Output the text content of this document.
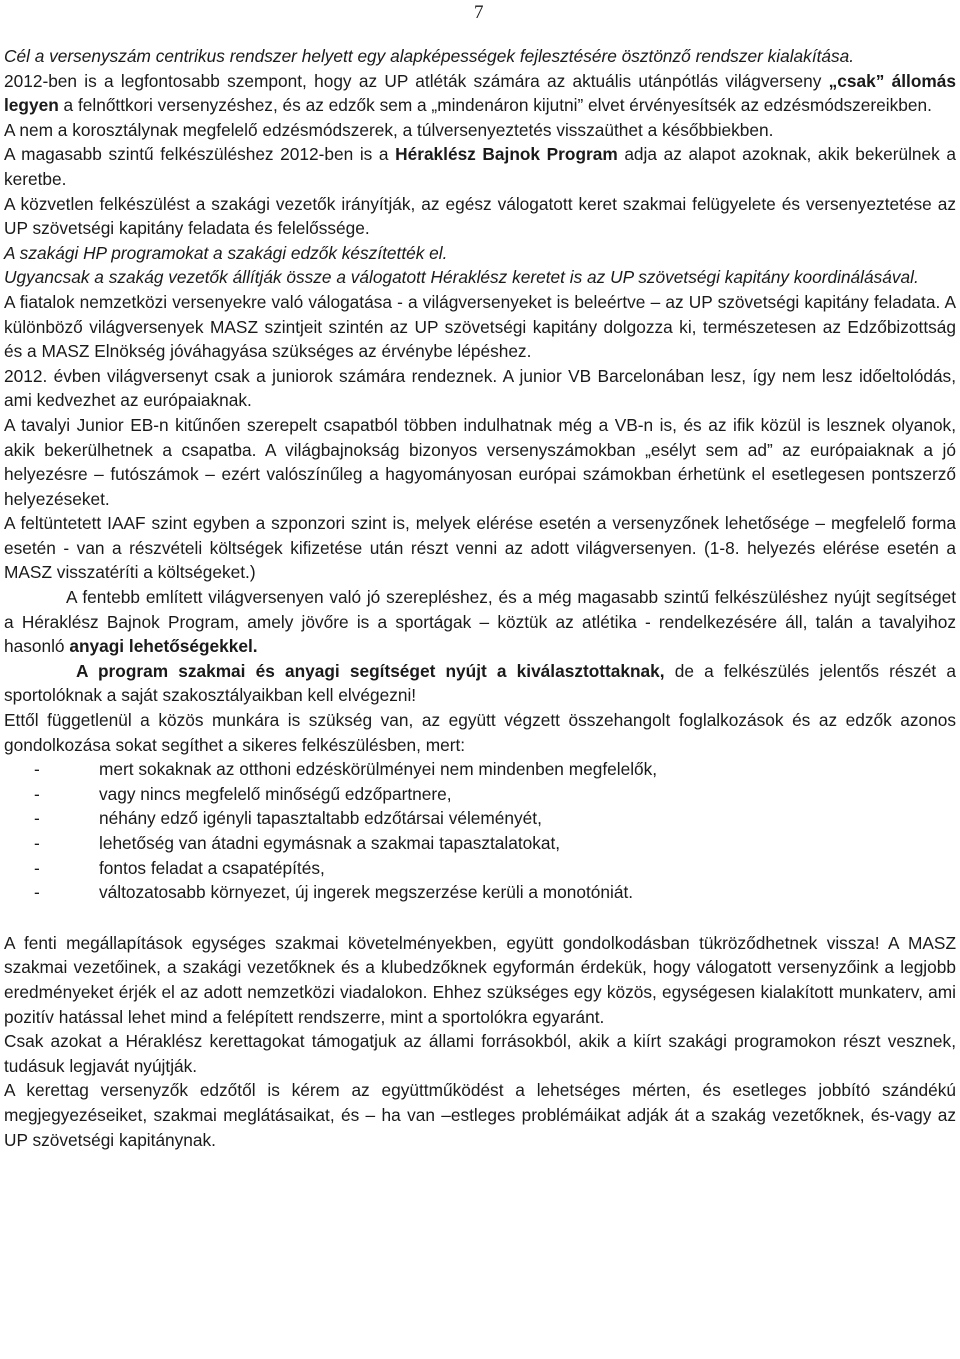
7

Cél a versenyszám centrikus rendszer helyett egy alapképességek fejlesztésére ösztönző rendszer kialakítása.

2012-ben is a legfontosabb szempont, hogy az UP atléták számára az aktuális utánpótlás világverseny „csak” állomás legyen a felnőttkori versenyzéshez, és az edzők sem a „mindenáron kijutni” elvet érvényesítsék az edzésmódszereikben.

A nem a korosztálynak megfelelő edzésmódszerek, a túlversenyeztetés visszaüthet a későbbiekben.

A magasabb szintű felkészüléshez 2012-ben is a Héraklész Bajnok Program adja az alapot azoknak, akik bekerülnek a keretbe.

A közvetlen felkészülést a szakági vezetők irányítják, az egész válogatott keret szakmai felügyelete és versenyeztetése az UP szövetségi kapitány feladata és felelőssége.

A szakági HP programokat a szakági edzők készítették el.

Ugyancsak a szakág vezetők állítják össze a válogatott Héraklész keretet is az UP szövetségi kapitány koordinálásával.

A fiatalok nemzetközi versenyekre való válogatása - a világversenyeket is beleértve – az UP szövetségi kapitány feladata. A különböző világversenyek MASZ szintjeit szintén az UP szövetségi kapitány dolgozza ki, természetesen az Edzőbizottság és a MASZ Elnökség jóváhagyása szükséges az érvénybe lépéshez.

2012. évben világversenyt csak a juniorok számára rendeznek. A junior VB Barcelonában lesz, így nem lesz időeltolódás, ami kedvezhet az európaiaknak.

A tavalyi Junior EB-n kitűnően szerepelt csapatból többen indulhatnak még a VB-n is, és az ifik közül is lesznek olyanok, akik bekerülhetnek a csapatba. A világbajnokság bizonyos versenyszámokban „esélyt sem ad” az európaiaknak a jó helyezésre – futószámok – ezért valószínűleg a hagyományosan európai számokban érhetünk el esetlegesen pontszerző helyezéseket.

A feltüntetett IAAF szint egyben a szponzori szint is, melyek elérése esetén a versenyzőnek lehetősége – megfelelő forma esetén - van a részvételi költségek kifizetése után részt venni az adott világversenyen. (1-8. helyezés elérése esetén a MASZ visszatéríti a költségeket.)

A fentebb említett világversenyen való jó szerepléshez, és a még magasabb szintű felkészüléshez nyújt segítséget a Héraklész Bajnok Program, amely jövőre is a sportágak – köztük az atlétika - rendelkezésére áll, talán a tavalyihoz hasonló anyagi lehetőségekkel.

A program szakmai és anyagi segítséget nyújt a kiválasztottaknak, de a felkészülés jelentős részét a sportolóknak a saját szakosztályaikban kell elvégezni!

Ettől függetlenül a közös munkára is szükség van, az együtt végzett összehangolt foglalkozások és az edzők azonos gondolkozása sokat segíthet a sikeres felkészülésben, mert:

-	mert sokaknak az otthoni edzéskörülményei nem mindenben megfelelők,
-	vagy nincs megfelelő minőségű edzőpartnere,
-	néhány edző igényli tapasztaltabb edzőtársai véleményét,
-	lehetőség van átadni egymásnak a szakmai tapasztalatokat,
-	fontos feladat a csapatépítés,
-	változatosabb környezet, új ingerek megszerzése kerüli a monotóniát.

A fenti megállapítások egységes szakmai követelményekben, együtt gondolkodásban tükröződhetnek vissza! A MASZ szakmai vezetőinek, a szakági vezetőknek és a klubedzőknek egyformán érdekük, hogy válogatott versenyzőink a legjobb eredményeket érjék el az adott nemzetközi viadalokon. Ehhez szükséges egy közös, egységesen kialakított munkaterv, ami pozitív hatással lehet mind a felépített rendszerre, mint a sportolókra egyaránt.

Csak azokat a Héraklész kerettagokat támogatjuk az állami forrásokból, akik a kiírt szakági programokon részt vesznek, tudásuk legjavát nyújtják.

A kerettag versenyzők edzőtől is kérem az együttműködést a lehetséges mérten, és esetleges jobbító szándékú megjegyezéseiket, szakmai meglátásaikat, és – ha van –estleges problémáikat adják át a szakág vezetőknek, és-vagy az UP szövetségi kapitánynak.
